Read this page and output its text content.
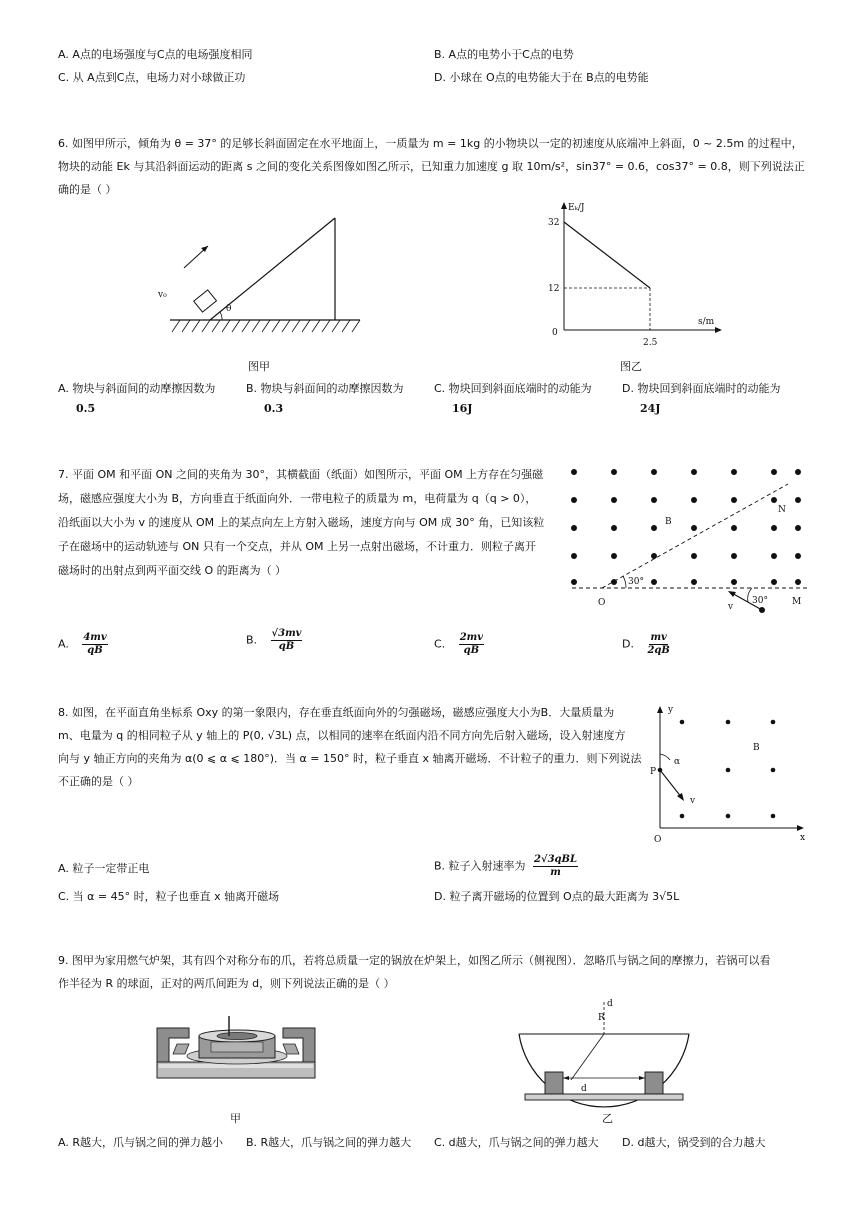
A. A点的电场强度与C点的电场强度相同	B. A点的电势小于C点的电势
C. 从 A点到C点，电场力对小球做正功	D. 小球在 O点的电势能大于在 B点的电势能
6. 如图甲所示，倾角为 θ = 37° 的足够长斜面固定在水平地面上，一质量为 m = 1kg 的小物块以一定的初速度从底端冲上斜面，0 ~ 2.5m 的过程中，
物块的动能 Ek 与其沿斜面运动的距离 s 之间的变化关系图像如图乙所示，已知重力加速度 g 取 10m/s²，sin37° = 0.6，cos37° = 0.8，则下列说法正
确的是（ ）
θ
v₀
图甲
Eₖ/J
s/m
32
12
0
2.5
图乙
A. 物块与斜面间的动摩擦因数为
0.5
B. 物块与斜面间的动摩擦因数为
0.3
C. 物块回到斜面底端时的动能为
16J
D. 物块回到斜面底端时的动能为
24J
7. 平面 OM 和平面 ON 之间的夹角为 30°，其横截面（纸面）如图所示，平面 OM 上方存在匀强磁
场，磁感应强度大小为 B，方向垂直于纸面向外．一带电粒子的质量为 m，电荷量为 q（q > 0），
沿纸面以大小为 v 的速度从 OM 上的某点向左上方射入磁场，速度方向与 OM 成 30° 角，已知该粒
子在磁场中的运动轨迹与 ON 只有一个交点，并从 OM 上另一点射出磁场，不计重力．则粒子离开
磁场时的出射点到两平面交线 O 的距离为（ ）
30°
O	M
N
B
v
30°
A. $\frac{4mv}{qB}$	B. $\frac{√3mv}{qB}$	C. $\frac{2mv}{qB}$	D. $\frac{mv}{2qB}$
8. 如图，在平面直角坐标系 Oxy 的第一象限内，存在垂直纸面向外的匀强磁场，磁感应强度大小为B．大量质量为
m、电量为 q 的相同粒子从 y 轴上的 P(0, √3L) 点，以相同的速率在纸面内沿不同方向先后射入磁场，设入射速度方
向与 y 轴正方向的夹角为 α(0 ⩽ α ⩽ 180°)．当 α = 150° 时，粒子垂直 x 轴离开磁场．不计粒子的重力．则下列说法
不正确的是（ ）
y
x
O
P
B
α
v
A. 粒子一定带正电	B. 粒子入射速率为 $\frac{\text{2√3qBL}}{m}$
C. 当 α = 45° 时，粒子也垂直 x 轴离开磁场	D. 粒子离开磁场的位置到 O点的最大距离为 3√5L
9. 图甲为家用燃气炉架，其有四个对称分布的爪，若将总质量一定的锅放在炉架上，如图乙所示（侧视图）．忽略爪与锅之间的摩擦力，若锅可以看
作半径为 R 的球面，正对的两爪间距为 d，则下列说法正确的是（ ）
甲
R
d
d
乙
A. R越大，爪与锅之间的弹力越小 B. R越大，爪与锅之间的弹力越大 C. d越大，爪与锅之间的弹力越大 D. d越大，锅受到的合力越大
